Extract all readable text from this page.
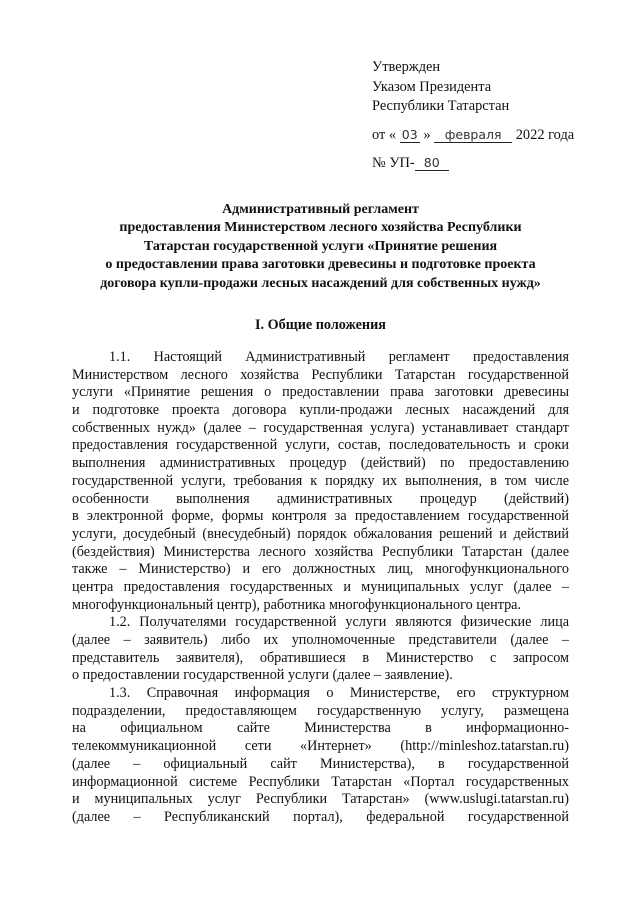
Утвержден
Указом Президента
Республики Татарстан
от « 03 » февраля 2022 года
№ УП- 80
Административный регламент
предоставления Министерством лесного хозяйства Республики
Татарстан государственной услуги «Принятие решения
о предоставлении права заготовки древесины и подготовке проекта
договора купли-продажи лесных насаждений для собственных нужд»
I. Общие положения
1.1. Настоящий Административный регламент предоставления
Министерством лесного хозяйства Республики Татарстан государственной
услуги «Принятие решения о предоставлении права заготовки древесины
и подготовке проекта договора купли-продажи лесных насаждений для
собственных нужд» (далее – государственная услуга) устанавливает стандарт
предоставления государственной услуги, состав, последовательность и сроки
выполнения административных процедур (действий) по предоставлению
государственной услуги, требования к порядку их выполнения, в том числе
особенности выполнения административных процедур (действий)
в электронной форме, формы контроля за предоставлением государственной
услуги, досудебный (внесудебный) порядок обжалования решений и действий
(бездействия) Министерства лесного хозяйства Республики Татарстан (далее
также – Министерство) и его должностных лиц, многофункционального
центра предоставления государственных и муниципальных услуг (далее –
многофункциональный центр), работника многофункционального центра.
1.2. Получателями государственной услуги являются физические лица
(далее – заявитель) либо их уполномоченные представители (далее –
представитель заявителя), обратившиеся в Министерство с запросом
о предоставлении государственной услуги (далее – заявление).
1.3. Справочная информация о Министерстве, его структурном
подразделении, предоставляющем государственную услугу, размещена
на официальном сайте Министерства в информационно-
телекоммуникационной сети «Интернет» (http://minleshoz.tatarstan.ru)
(далее – официальный сайт Министерства), в государственной
информационной системе Республики Татарстан «Портал государственных
и муниципальных услуг Республики Татарстан» (www.uslugi.tatarstan.ru)
(далее – Республиканский портал), федеральной государственной
